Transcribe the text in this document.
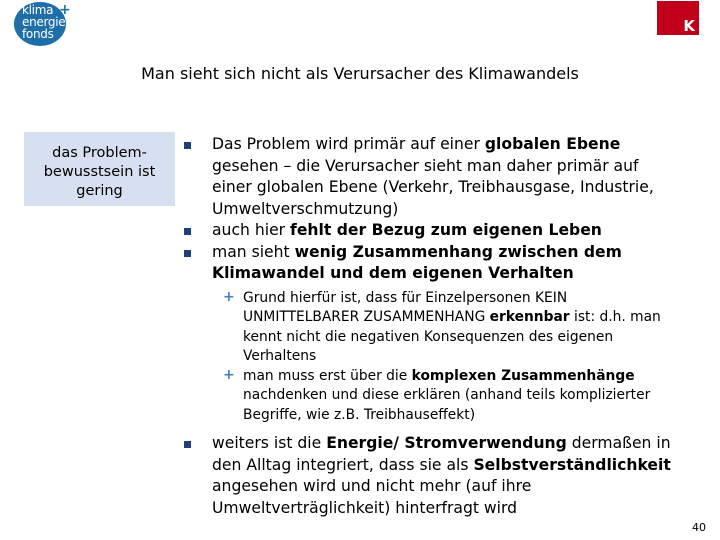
klima
energie
fonds
+
K
Man sieht sich nicht als Verursacher des Klimawandels
das Problem-bewusstsein ist gering
Das Problem wird primär auf einer globalen Ebene gesehen – die Verursacher sieht man daher primär auf einer globalen Ebene (Verkehr, Treibhausgase, Industrie, Umweltverschmutzung)
auch hier fehlt der Bezug zum eigenen Leben
man sieht wenig Zusammenhang zwischen dem Klimawandel und dem eigenen Verhalten
+ Grund hierfür ist, dass für Einzelpersonen KEIN UNMITTELBARER ZUSAMMENHANG erkennbar ist: d.h. man kennt nicht die negativen Konsequenzen des eigenen Verhaltens
+ man muss erst über die komplexen Zusammenhänge nachdenken und diese erklären (anhand teils komplizierter Begriffe, wie z.B. Treibhauseffekt)
weiters ist die Energie/ Stromverwendung dermaßen in den Alltag integriert, dass sie als Selbstverständlichkeit angesehen wird und nicht mehr (auf ihre Umweltverträglichkeit) hinterfragt wird
40
